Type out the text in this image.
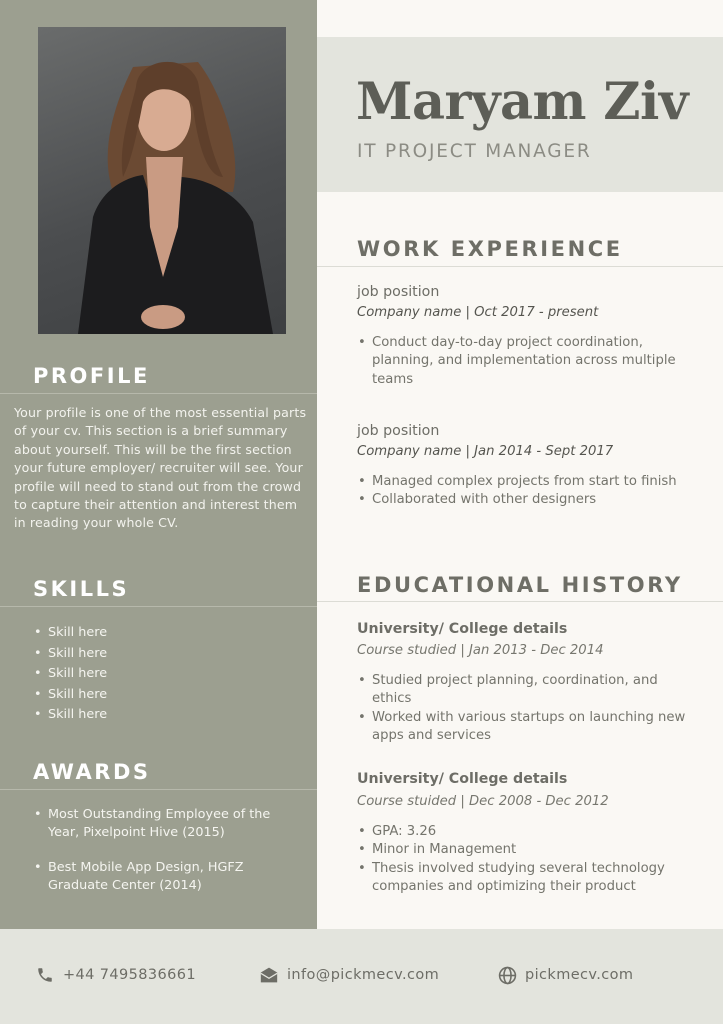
PROFILE

Your profile is one of the most essential parts of your cv. This section is a brief summary about yourself. This will be the first section your future employer/ recruiter will see. Your profile will need to stand out from the crowd to capture their attention and interest them in reading your whole CV.

SKILLS
• Skill here
• Skill here
• Skill here
• Skill here
• Skill here
AWARDS
• Most Outstanding Employee of the Year, Pixelpoint Hive (2015)
• Best Mobile App Design, HGFZ Graduate Center (2014)
Maryam Ziv
IT PROJECT MANAGER
WORK EXPERIENCE
job position
Company name | Oct 2017 - present
• Conduct day-to-day project coordination, planning, and implementation across multiple teams
job position
Company name | Jan 2014 - Sept 2017
• Managed complex projects from start to finish
• Collaborated with other designers
EDUCATIONAL HISTORY
University/ College details
Course studied | Jan 2013 - Dec 2014
• Studied project planning, coordination, and ethics
• Worked with various startups on launching new apps and services
University/ College details
Course stuided | Dec 2008 - Dec 2012
• GPA: 3.26
• Minor in Management
• Thesis involved studying several technology companies and optimizing their product
+44 7495836661	info@pickmecv.com	pickmecv.com
